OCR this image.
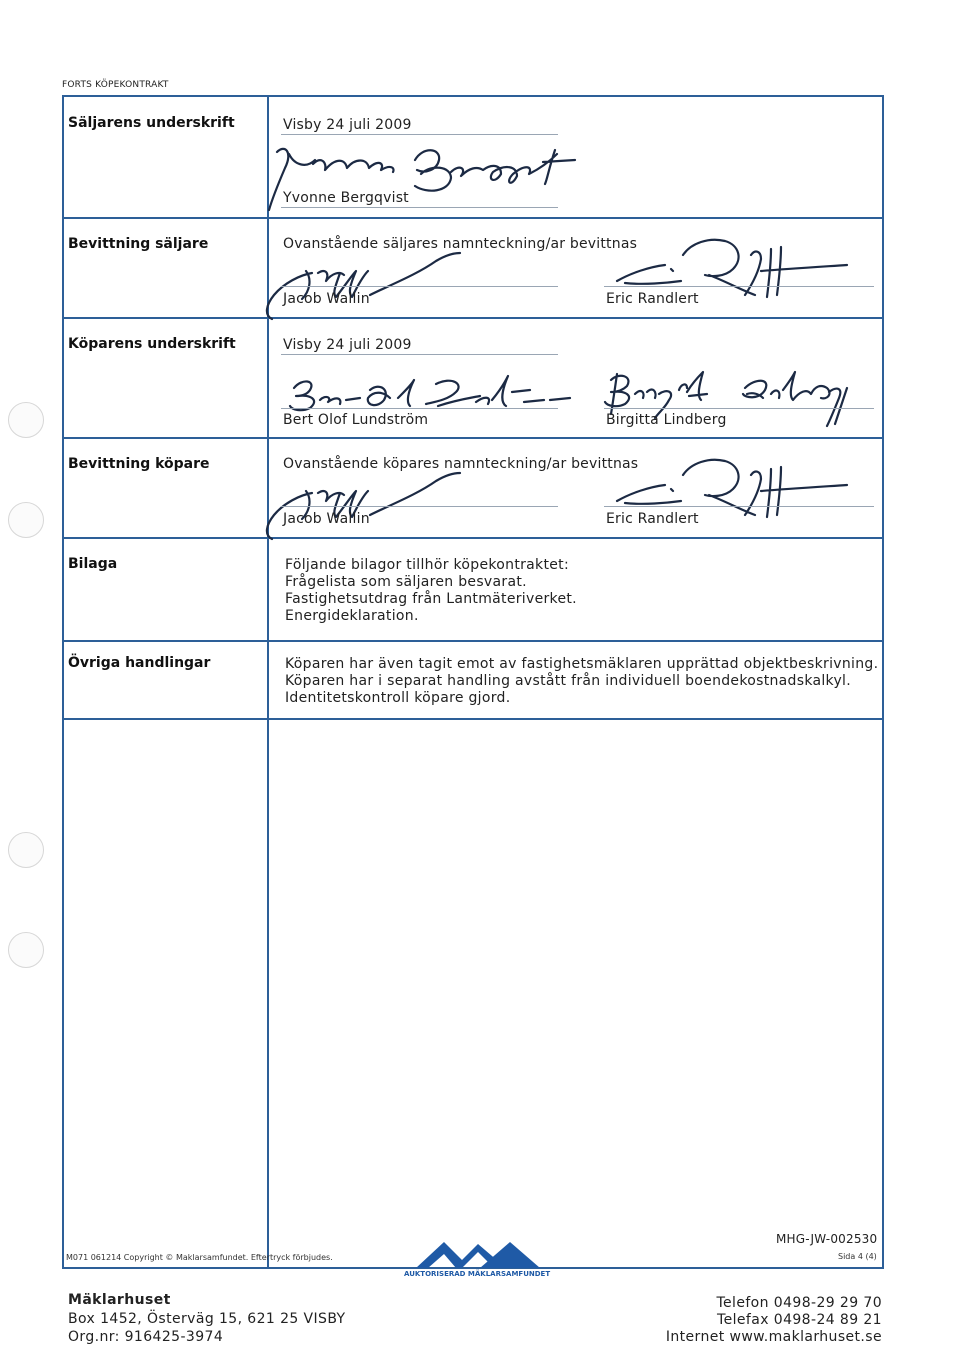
FORTS KÖPEKONTRAKT
Säljarens underskrift	Visby 24 juli 2009
Yvonne Bergqvist
Bevittning säljare	Ovanstående säljares namnteckning/ar bevittnas
Jacob Wallin	Eric Randlert
Köparens underskrift	Visby 24 juli 2009
Bert Olof Lundström	Birgitta Lindberg
Bevittning köpare	Ovanstående köpares namnteckning/ar bevittnas
Jacob Wallin	Eric Randlert
Bilaga	Följande bilagor tillhör köpekontraktet:
Frågelista som säljaren besvarat.
Fastighetsutdrag från Lantmäteriverket.
Energideklaration.
Övriga handlingar	Köparen har även tagit emot av fastighetsmäklaren upprättad objektbeskrivning.
Köparen har i separat handling avstått från individuell boendekostnadskalkyl.
Identitetskontroll köpare gjord.
M071 061214 Copyright © Maklarsamfundet. Eftertryck förbjudes.
MHG-JW-002530
Sida 4 (4)
AUKTORISERAD MÄKLARSAMFUNDET
Mäklarhuset
Box 1452, Österväg 15, 621 25 VISBY
Org.nr: 916425-3974
Telefon 0498-29 29 70
Telefax 0498-24 89 21
Internet www.maklarhuset.se
